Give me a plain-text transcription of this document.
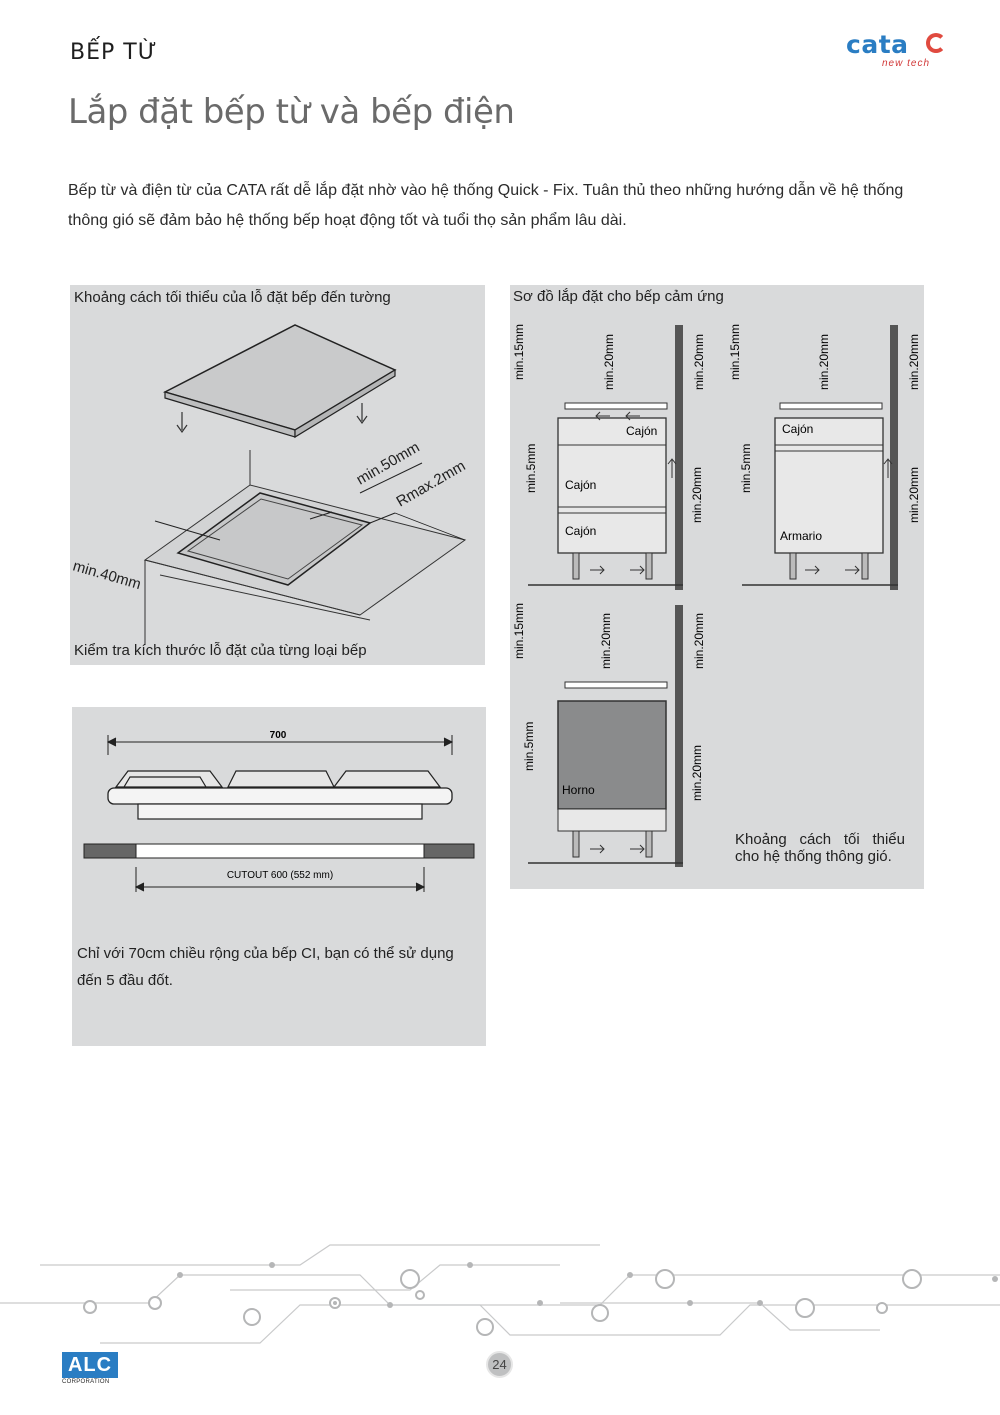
BẾP TỪ	cata
new tech
Lắp đặt bếp từ và bếp điện
Bếp từ và điện từ của CATA rất dễ lắp đặt nhờ vào hệ thống Quick - Fix. Tuân thủ theo những hướng dẫn về hệ thống thông gió sẽ đảm bảo hệ thống bếp hoạt động tốt và tuổi thọ sản phẩm lâu dài.
Khoảng cách tối thiểu của lỗ đặt bếp đến tường
min.50mm
Rmax.2mm
min.40mm
Kiểm tra kích thước lỗ đặt của từng loại bếp
Sơ đồ lắp đặt cho bếp cảm ứng
Cajón
Cajón
Cajón
min.15mm	min.20mm	min.20mm
min.5mm	min.20mm
Cajón
Armario
min.15mm	min.20mm	min.20mm
min.5mm	min.20mm
Horno
min.15mm	min.20mm	min.20mm
min.5mm	min.20mm
Khoảng cách tối thiểu cho hệ thống thông gió.
700
CUTOUT 600 (552 mm)
Chỉ với 70cm chiều rộng của bếp CI, bạn có thể sử dụng đến 5 đầu đốt.
ALC
CORPORATION
24
